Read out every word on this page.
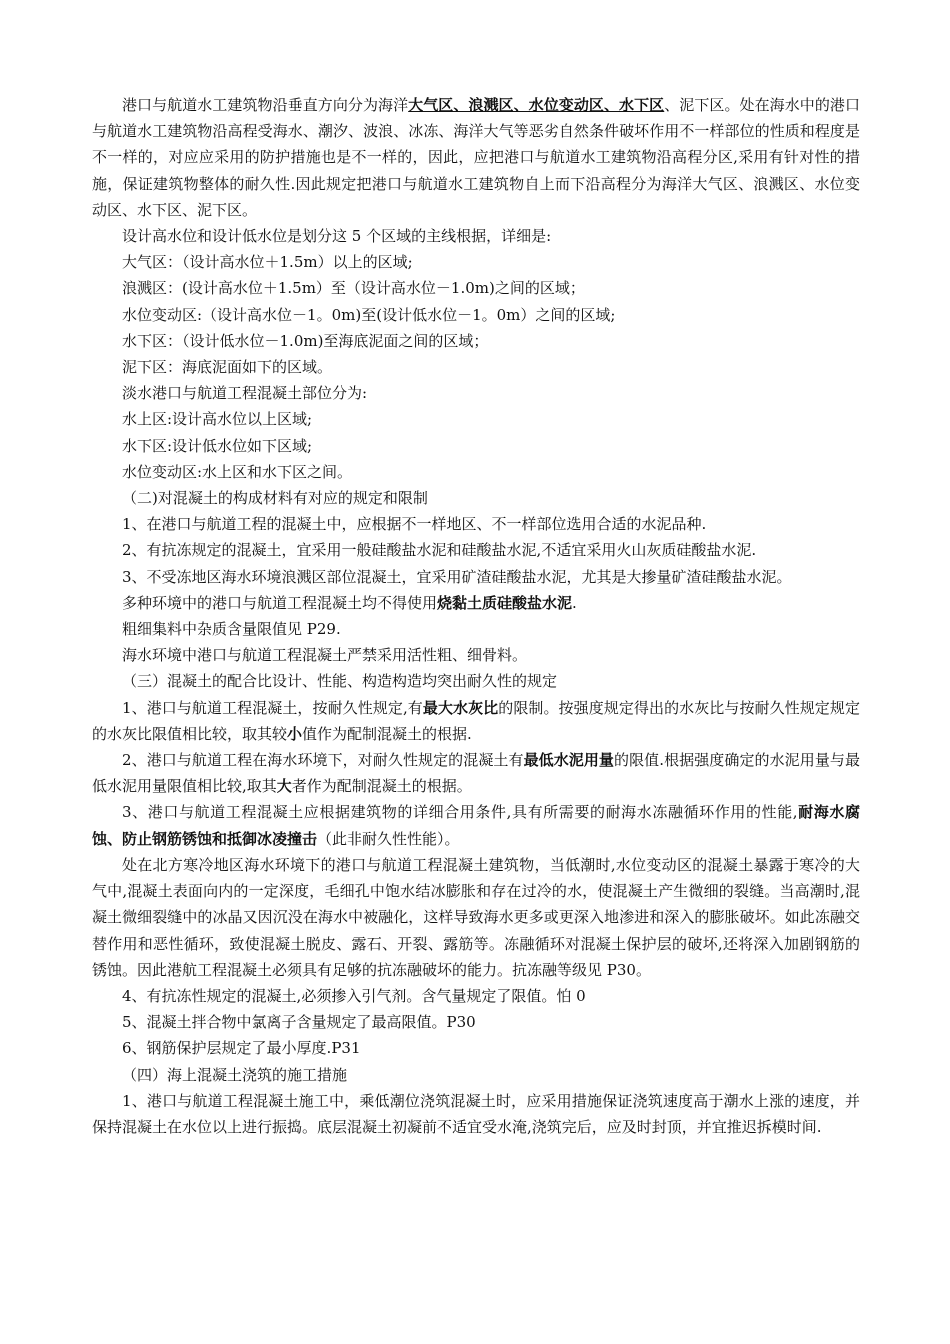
港口与航道水工建筑物沿垂直方向分为海洋大气区、浪溅区、水位变动区、水下区、泥下区。处在海水中的港口与航道水工建筑物沿高程受海水、潮汐、波浪、冰冻、海洋大气等恶劣自然条件破坏作用不一样部位的性质和程度是不一样的，对应应采用的防护措施也是不一样的，因此，应把港口与航道水工建筑物沿高程分区,采用有针对性的措施，保证建筑物整体的耐久性.因此规定把港口与航道水工建筑物自上而下沿高程分为海洋大气区、浪溅区、水位变动区、水下区、泥下区。

设计高水位和设计低水位是划分这 5 个区域的主线根据，详细是:

大气区：（设计高水位＋1.5m）以上的区域;

浪溅区：(设计高水位＋1.5m）至（设计高水位－1.0m)之间的区域；

水位变动区:（设计高水位－1。0m)至(设计低水位－1。0m）之间的区域;

水下区：（设计低水位－1.0m)至海底泥面之间的区域；

泥下区：海底泥面如下的区域。

淡水港口与航道工程混凝土部位分为:

水上区:设计高水位以上区域;

水下区:设计低水位如下区域;

水位变动区:水上区和水下区之间。

（二)对混凝土的构成材料有对应的规定和限制

1、在港口与航道工程的混凝土中，应根据不一样地区、不一样部位选用合适的水泥品种.

2、有抗冻规定的混凝土，宜采用一般硅酸盐水泥和硅酸盐水泥,不适宜采用火山灰质硅酸盐水泥.

3、不受冻地区海水环境浪溅区部位混凝土，宜采用矿渣硅酸盐水泥，尤其是大掺量矿渣硅酸盐水泥。

多种环境中的港口与航道工程混凝土均不得使用烧黏土质硅酸盐水泥.

粗细集料中杂质含量限值见 P29.

海水环境中港口与航道工程混凝土严禁采用活性粗、细骨料。

（三）混凝土的配合比设计、性能、构造构造均突出耐久性的规定

1、港口与航道工程混凝土，按耐久性规定,有最大水灰比的限制。按强度规定得出的水灰比与按耐久性规定规定的水灰比限值相比较，取其较小值作为配制混凝土的根据.

2、港口与航道工程在海水环境下，对耐久性规定的混凝土有最低水泥用量的限值.根据强度确定的水泥用量与最低水泥用量限值相比较,取其大者作为配制混凝土的根据。

3、港口与航道工程混凝土应根据建筑物的详细合用条件,具有所需要的耐海水冻融循环作用的性能,耐海水腐蚀、防止钢筋锈蚀和抵御冰凌撞击（此非耐久性性能）。

处在北方寒冷地区海水环境下的港口与航道工程混凝土建筑物，当低潮时,水位变动区的混凝土暴露于寒冷的大气中,混凝土表面向内的一定深度，毛细孔中饱水结冰膨胀和存在过冷的水，使混凝土产生微细的裂缝。当高潮时,混凝土微细裂缝中的冰晶又因沉没在海水中被融化，这样导致海水更多或更深入地渗进和深入的膨胀破坏。如此冻融交替作用和恶性循环，致使混凝土脱皮、露石、开裂、露筋等。冻融循环对混凝土保护层的破坏,还将深入加剧钢筋的锈蚀。因此港航工程混凝土必须具有足够的抗冻融破坏的能力。抗冻融等级见 P30。

4、有抗冻性规定的混凝土,必须掺入引气剂。含气量规定了限值。怕 0

5、混凝土拌合物中氯离子含量规定了最高限值。P30

6、钢筋保护层规定了最小厚度.P31

（四）海上混凝土浇筑的施工措施

1、港口与航道工程混凝土施工中，乘低潮位浇筑混凝土时，应采用措施保证浇筑速度高于潮水上涨的速度，并保持混凝土在水位以上进行振捣。底层混凝土初凝前不适宜受水淹,浇筑完后，应及时封顶，并宜推迟拆模时间.
